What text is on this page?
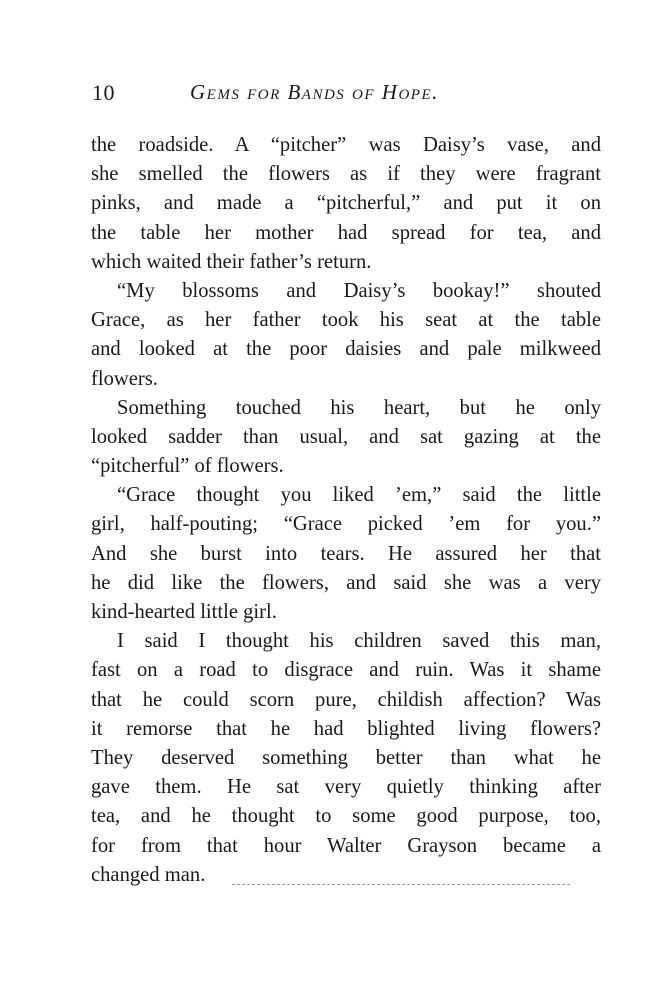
10	Gems for Bands of Hope.
the roadside. A “pitcher” was Daisy’s vase, and
she smelled the flowers as if they were fragrant
pinks, and made a “pitcherful,” and put it on
the table her mother had spread for tea, and
which waited their father’s return.
“My blossoms and Daisy’s bookay!” shouted
Grace, as her father took his seat at the table
and looked at the poor daisies and pale milkweed
flowers.
Something touched his heart, but he only
looked sadder than usual, and sat gazing at the
“pitcherful” of flowers.
“Grace thought you liked ’em,” said the little
girl, half-pouting; “Grace picked ’em for you.”
And she burst into tears. He assured her that
he did like the flowers, and said she was a very
kind-hearted little girl.
I said I thought his children saved this man,
fast on a road to disgrace and ruin. Was it shame
that he could scorn pure, childish affection? Was
it remorse that he had blighted living flowers?
They deserved something better than what he
gave them. He sat very quietly thinking after
tea, and he thought to some good purpose, too,
for from that hour Walter Grayson became a
changed man.
